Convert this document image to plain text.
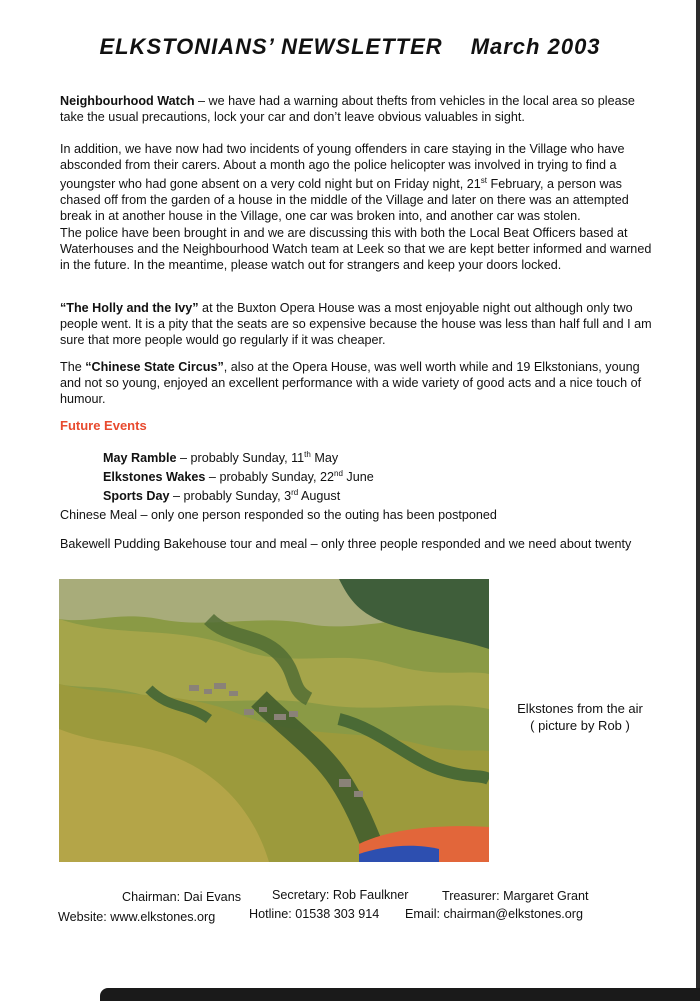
ELKSTONIANS’ NEWSLETTER March 2003

Neighbourhood Watch – we have had a warning about thefts from vehicles in the local area so please take the usual precautions, lock your car and don’t leave obvious valuables in sight.

In addition, we have now had two incidents of young offenders in care staying in the Village who have absconded from their carers. About a month ago the police helicopter was involved in trying to find a youngster who had gone absent on a very cold night but on Friday night, 21st February, a person was chased off from the garden of a house in the middle of the Village and later on there was an attempted break in at another house in the Village, one car was broken into, and another car was stolen.

The police have been brought in and we are discussing this with both the Local Beat Officers based at Waterhouses and the Neighbourhood Watch team at Leek so that we are kept better informed and warned in the future. In the meantime, please watch out for strangers and keep your doors locked.

“The Holly and the Ivy” at the Buxton Opera House was a most enjoyable night out although only two people went. It is a pity that the seats are so expensive because the house was less than half full and I am sure that more people would go regularly if it was cheaper.

The “Chinese State Circus”, also at the Opera House, was well worth while and 19 Elkstonians, young and not so young, enjoyed an excellent performance with a wide variety of good acts and a nice touch of humour.

Future Events
May Ramble – probably Sunday, 11th May
Elkstones Wakes – probably Sunday, 22nd June
Sports Day – probably Sunday, 3rd August

Chinese Meal – only one person responded so the outing has been postponed

Bakewell Pudding Bakehouse tour and meal – only three people responded and we need about twenty

Elkstones from the air
( picture by Rob )
Chairman: Dai Evans Secretary: Rob Faulkner	Treasurer: Margaret Grant
Website: www.elkstones.org	Hotline: 01538 303 914 Email: chairman@elkstones.org
